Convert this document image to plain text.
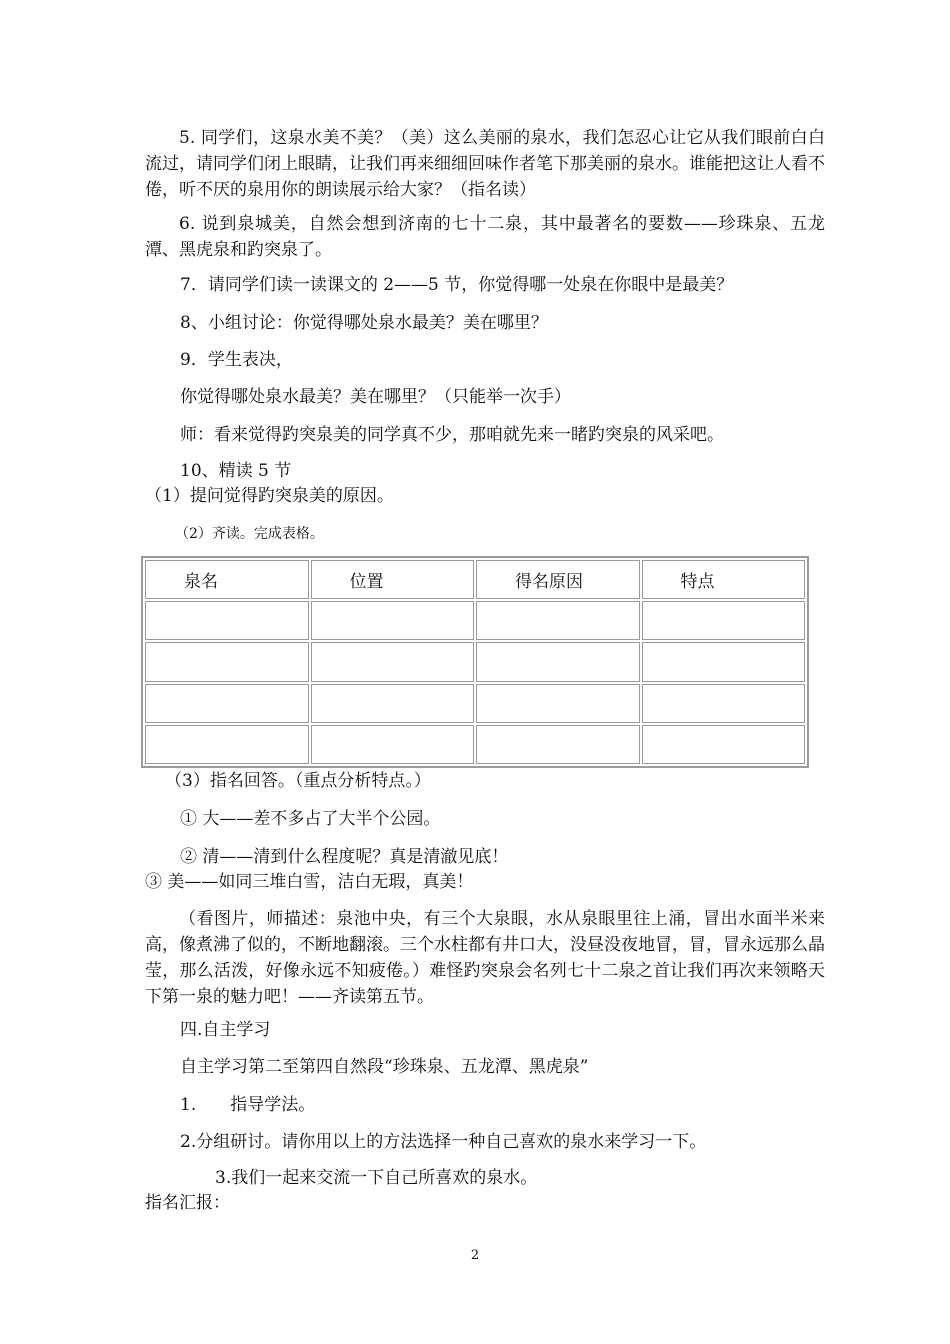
5. 同学们，这泉水美不美？（美）这么美丽的泉水，我们怎忍心让它从我们眼前白白流过，请同学们闭上眼睛，让我们再来细细回味作者笔下那美丽的泉水。谁能把这让人看不倦，听不厌的泉用你的朗读展示给大家？（指名读）
6. 说到泉城美，自然会想到济南的七十二泉，其中最著名的要数——珍珠泉、五龙潭、黑虎泉和趵突泉了。
7．请同学们读一读课文的 2——5 节，你觉得哪一处泉在你眼中是最美？
8、小组讨论：你觉得哪处泉水最美？美在哪里？
9．学生表决，
你觉得哪处泉水最美？美在哪里？（只能举一次手）
师：看来觉得趵突泉美的同学真不少，那咱就先来一睹趵突泉的风采吧。
10、精读 5 节
（1）提问觉得趵突泉美的原因。
（2）齐读。完成表格。
泉名	位置	得名原因	特点

（3）指名回答。（重点分析特点。）
① 大——差不多占了大半个公园。
② 清——清到什么程度呢？真是清澈见底！
③ 美——如同三堆白雪，洁白无瑕，真美！
（看图片，师描述：泉池中央，有三个大泉眼，水从泉眼里往上涌，冒出水面半米来高，像煮沸了似的，不断地翻滚。三个水柱都有井口大，没昼没夜地冒，冒，冒永远那么晶莹，那么活泼，好像永远不知疲倦。）难怪趵突泉会名列七十二泉之首让我们再次来领略天下第一泉的魅力吧！——齐读第五节。
四.自主学习
自主学习第二至第四自然段“珍珠泉、五龙潭、黑虎泉”
1.　　指导学法。
2.分组研讨。请你用以上的方法选择一种自己喜欢的泉水来学习一下。
3.我们一起来交流一下自己所喜欢的泉水。
指名汇报：
2
